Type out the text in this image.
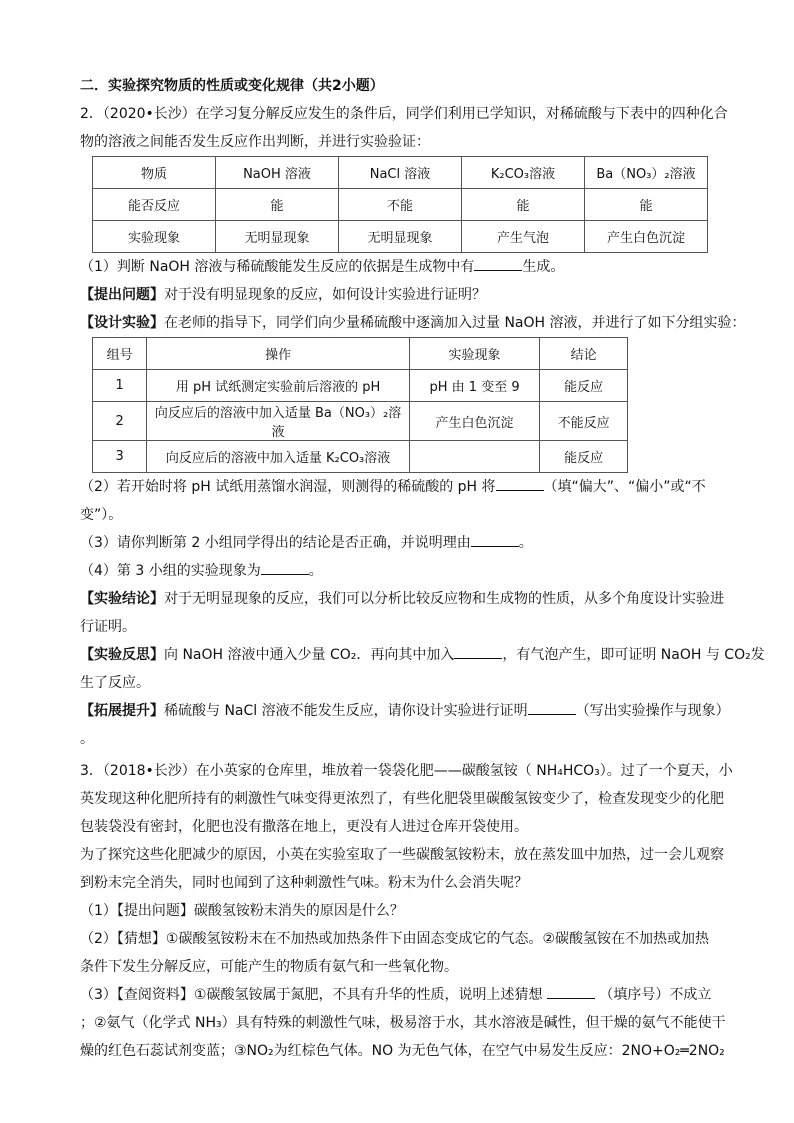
二．实验探究物质的性质或变化规律（共2小题）
2．（2020•长沙）在学习复分解反应发生的条件后，同学们利用已学知识，对稀硫酸与下表中的四种化合
物的溶液之间能否发生反应作出判断，并进行实验验证：
物质	NaOH 溶液	NaCl 溶液	K₂CO₃溶液	Ba（NO₃）₂溶液
能否反应	能	不能	能	能
实验现象	无明显现象	无明显现象	产生气泡	产生白色沉淀
（1）判断 NaOH 溶液与稀硫酸能发生反应的依据是生成物中有	生成。
【提出问题】对于没有明显现象的反应，如何设计实验进行证明？
【设计实验】在老师的指导下，同学们向少量稀硫酸中逐滴加入过量 NaOH 溶液，并进行了如下分组实验：
组号	操作	实验现象	结论
1	用 pH 试纸测定实验前后溶液的 pH	pH 由 1 变至 9	能反应
2	向反应后的溶液中加入适量 Ba（NO₃）₂溶液	产生白色沉淀	不能反应
3	向反应后的溶液中加入适量 K₂CO₃溶液		能反应
（2）若开始时将 pH 试纸用蒸馏水润湿，则测得的稀硫酸的 pH 将	（填“偏大”、“偏小”或“不
变”）。
（3）请你判断第 2 小组同学得出的结论是否正确，并说明理由	。
（4）第 3 小组的实验现象为	。
【实验结论】对于无明显现象的反应，我们可以分析比较反应物和生成物的性质，从多个角度设计实验进
行证明。
【实验反思】向 NaOH 溶液中通入少量 CO₂．再向其中加入	，有气泡产生，即可证明 NaOH 与 CO₂发
生了反应。
【拓展提升】稀硫酸与 NaCl 溶液不能发生反应，请你设计实验进行证明	（写出实验操作与现象）
。
3．（2018•长沙）在小英家的仓库里，堆放着一袋袋化肥——碳酸氢铵（ NH₄HCO₃）。过了一个夏天，小
英发现这种化肥所持有的刺激性气味变得更浓烈了，有些化肥袋里碳酸氢铵变少了，检查发现变少的化肥
包装袋没有密封，化肥也没有撒落在地上，更没有人进过仓库开袋使用。
为了探究这些化肥减少的原因，小英在实验室取了一些碳酸氢铵粉末，放在蒸发皿中加热，过一会儿观察
到粉末完全消失，同时也闻到了这种刺激性气味。粉末为什么会消失呢？
（1）【提出问题】碳酸氢铵粉末消失的原因是什么？
（2）【猜想】①碳酸氢铵粉末在不加热或加热条件下由固态变成它的气态。②碳酸氢铵在不加热或加热
条件下发生分解反应，可能产生的物质有氨气和一些氧化物。
（3）【查阅资料】①碳酸氢铵属于氮肥，不具有升华的性质，说明上述猜想	（填序号）不成立
；②氨气（化学式 NH₃）具有特殊的刺激性气味，极易溶于水，其水溶液是碱性，但干燥的氨气不能使干
燥的红色石蕊试剂变蓝；③NO₂为红棕色气体。NO 为无色气体，在空气中易发生反应：2NO+O₂═2NO₂
